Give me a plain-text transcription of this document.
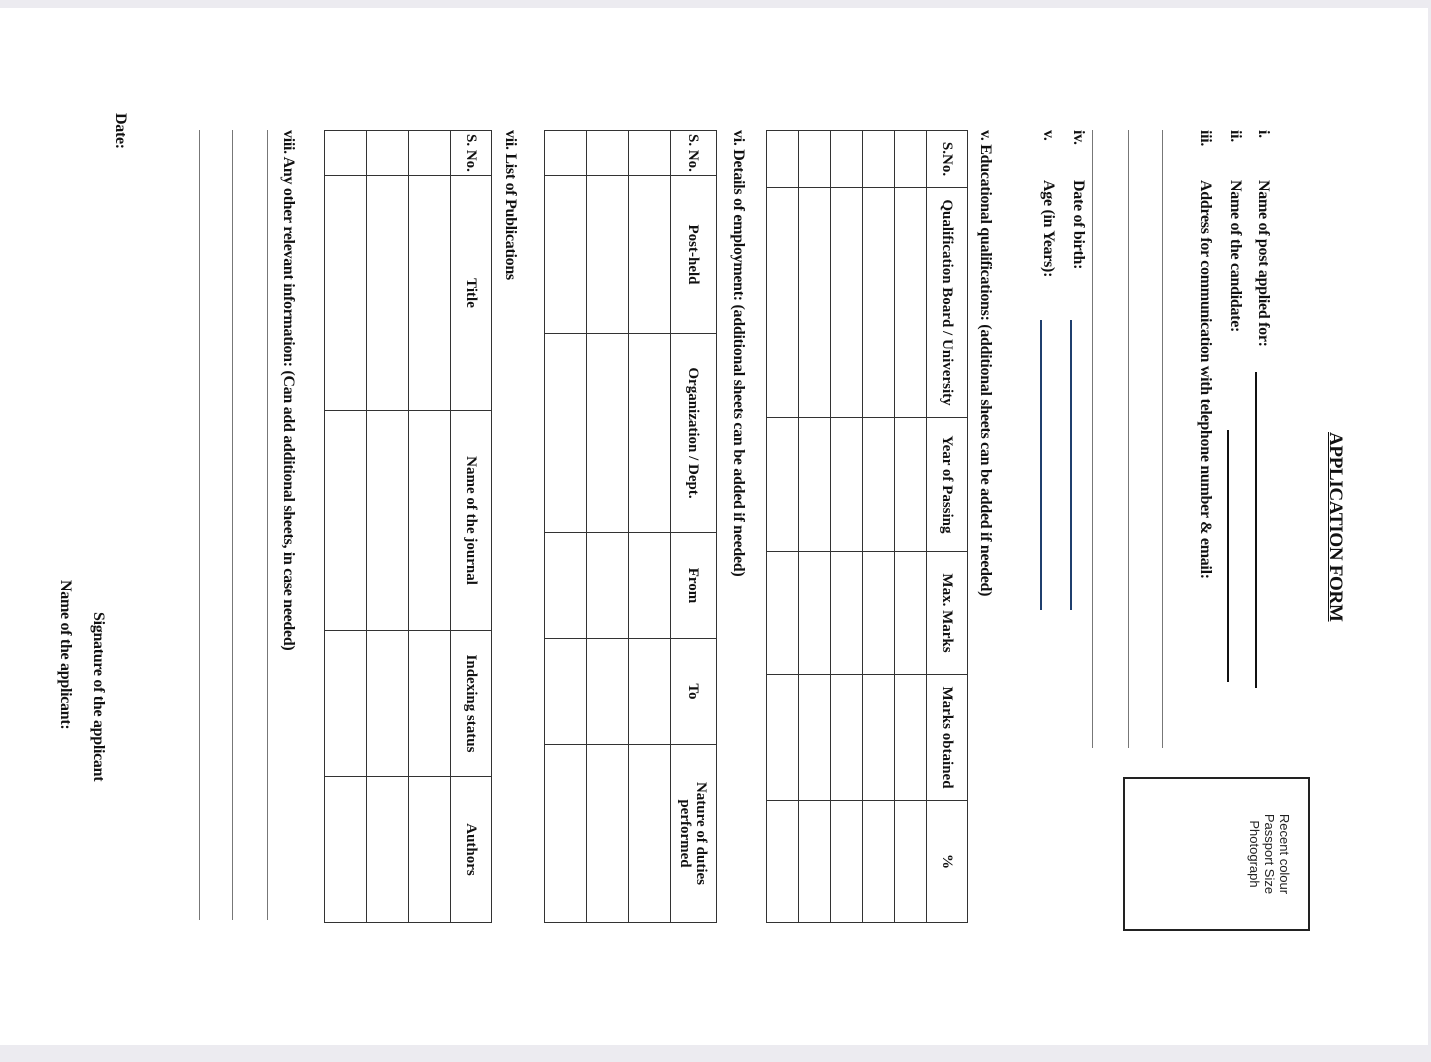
APPLICATION FORM
i.
Name of post applied for:
ii.
Name of the candidate:
iii.
Address for communication with telephone number & email:
Recent colour
Passport Size
Photograph
iv.
Date of birth:
v.
Age (in Years):
v. Educational qualifications: (additional sheets can be added if needed)
S.No.	Qualification Board / University	Year of Passing	Max. Marks	Marks obtained	%

vi. Details of employment: (additional sheets can be added if needed)
S. No.	Post-held	Organization / Dept.	From	To	Nature of duties performed

vii. List of Publications
S. No.	Title	Name of the journal	Indexing status	Authors

viii. Any other relevant information: (Can add additional sheets, in case needed)
Date:
Signature of the applicant
Name of the applicant:
